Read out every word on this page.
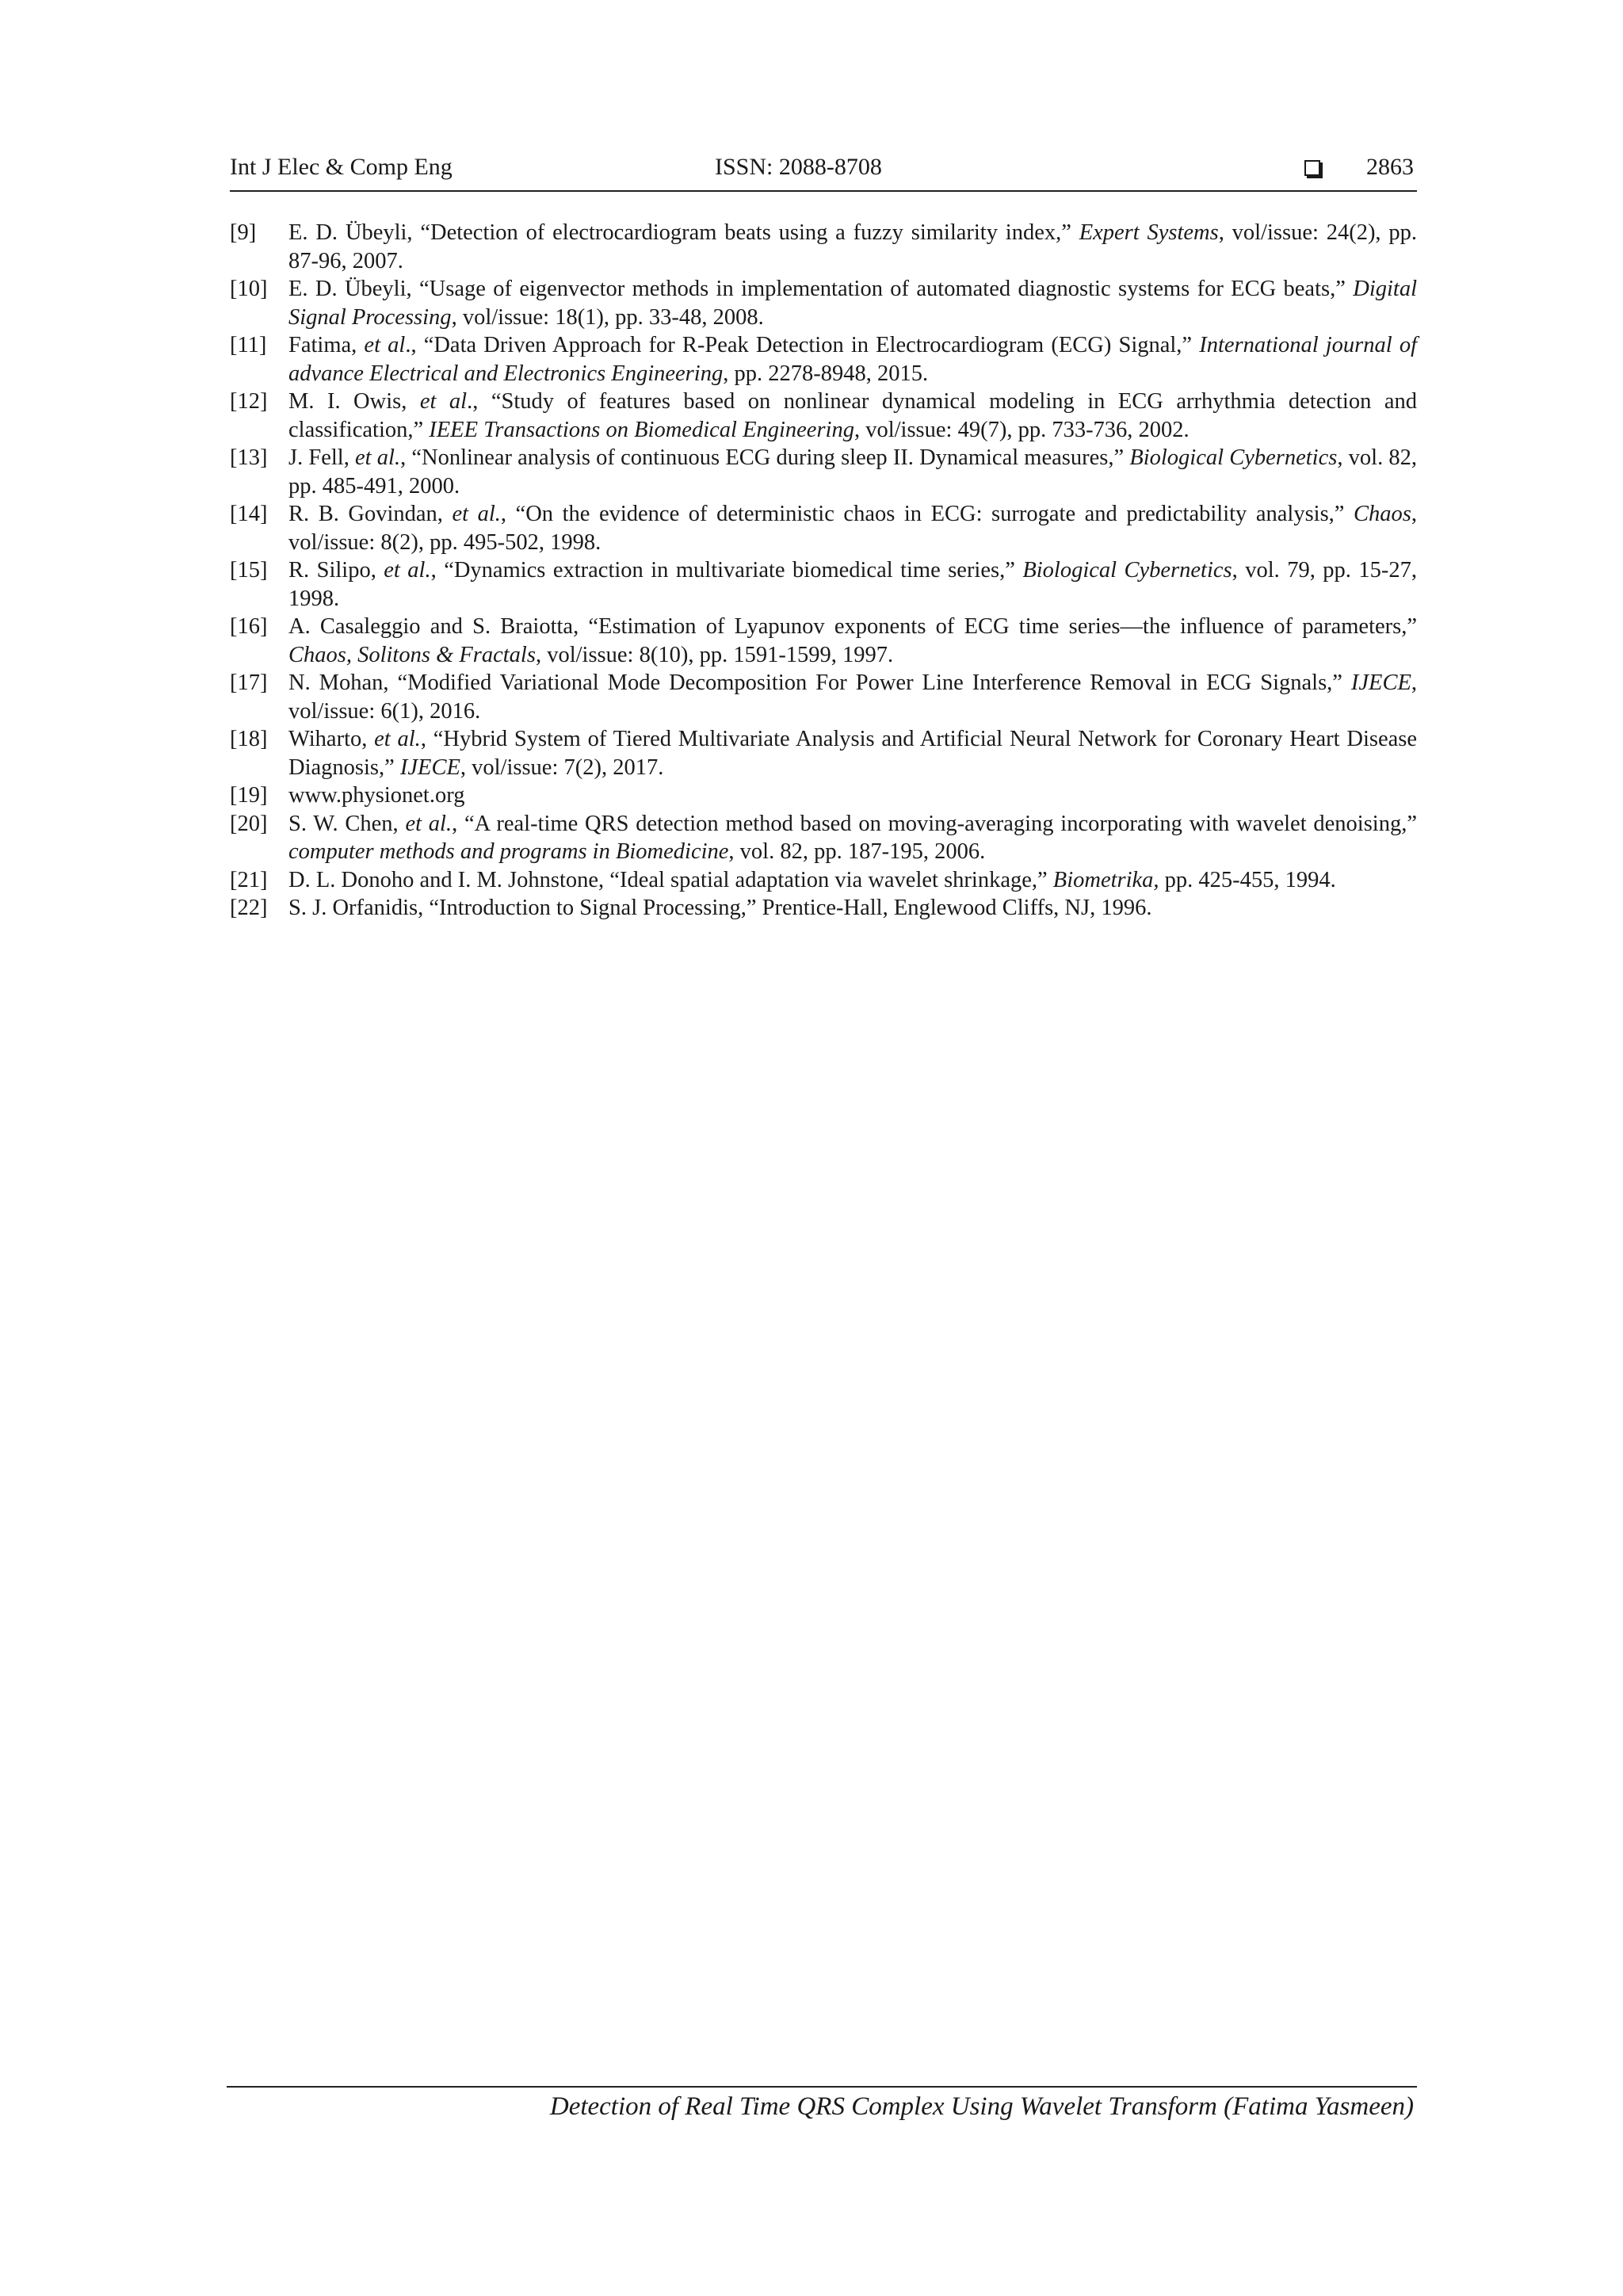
Int J Elec & Comp Eng	ISSN: 2088-8708	2863
[9]	E. D. Übeyli, “Detection of electrocardiogram beats using a fuzzy similarity index,” Expert Systems, vol/issue: 24(2), pp. 87-96, 2007.
[10] E. D. Übeyli, “Usage of eigenvector methods in implementation of automated diagnostic systems for ECG beats,” Digital Signal Processing, vol/issue: 18(1), pp. 33-48, 2008.
[11] Fatima, et al., “Data Driven Approach for R-Peak Detection in Electrocardiogram (ECG) Signal,” International journal of advance Electrical and Electronics Engineering, pp. 2278-8948, 2015.
[12] M. I. Owis, et al., “Study of features based on nonlinear dynamical modeling in ECG arrhythmia detection and classification,” IEEE Transactions on Biomedical Engineering, vol/issue: 49(7), pp. 733-736, 2002.
[13] J. Fell, et al., “Nonlinear analysis of continuous ECG during sleep II. Dynamical measures,” Biological Cybernetics, vol. 82, pp. 485-491, 2000.
[14] R. B. Govindan, et al., “On the evidence of deterministic chaos in ECG: surrogate and predictability analysis,” Chaos, vol/issue: 8(2), pp. 495-502, 1998.
[15] R. Silipo, et al., “Dynamics extraction in multivariate biomedical time series,” Biological Cybernetics, vol. 79, pp. 15-27, 1998.
[16] A. Casaleggio and S. Braiotta, “Estimation of Lyapunov exponents of ECG time series—the influence of parameters,” Chaos, Solitons & Fractals, vol/issue: 8(10), pp. 1591-1599, 1997.
[17] N. Mohan, “Modified Variational Mode Decomposition For Power Line Interference Removal in ECG Signals,” IJECE, vol/issue: 6(1), 2016.
[18] Wiharto, et al., “Hybrid System of Tiered Multivariate Analysis and Artificial Neural Network for Coronary Heart Disease Diagnosis,” IJECE, vol/issue: 7(2), 2017.
[19] www.physionet.org
[20] S. W. Chen, et al., “A real-time QRS detection method based on moving-averaging incorporating with wavelet denoising,” computer methods and programs in Biomedicine, vol. 82, pp. 187-195, 2006.
[21] D. L. Donoho and I. M. Johnstone, “Ideal spatial adaptation via wavelet shrinkage,” Biometrika, pp. 425-455, 1994.
[22] S. J. Orfanidis, “Introduction to Signal Processing,” Prentice-Hall, Englewood Cliffs, NJ, 1996.
Detection of Real Time QRS Complex Using Wavelet Transform (Fatima Yasmeen)
